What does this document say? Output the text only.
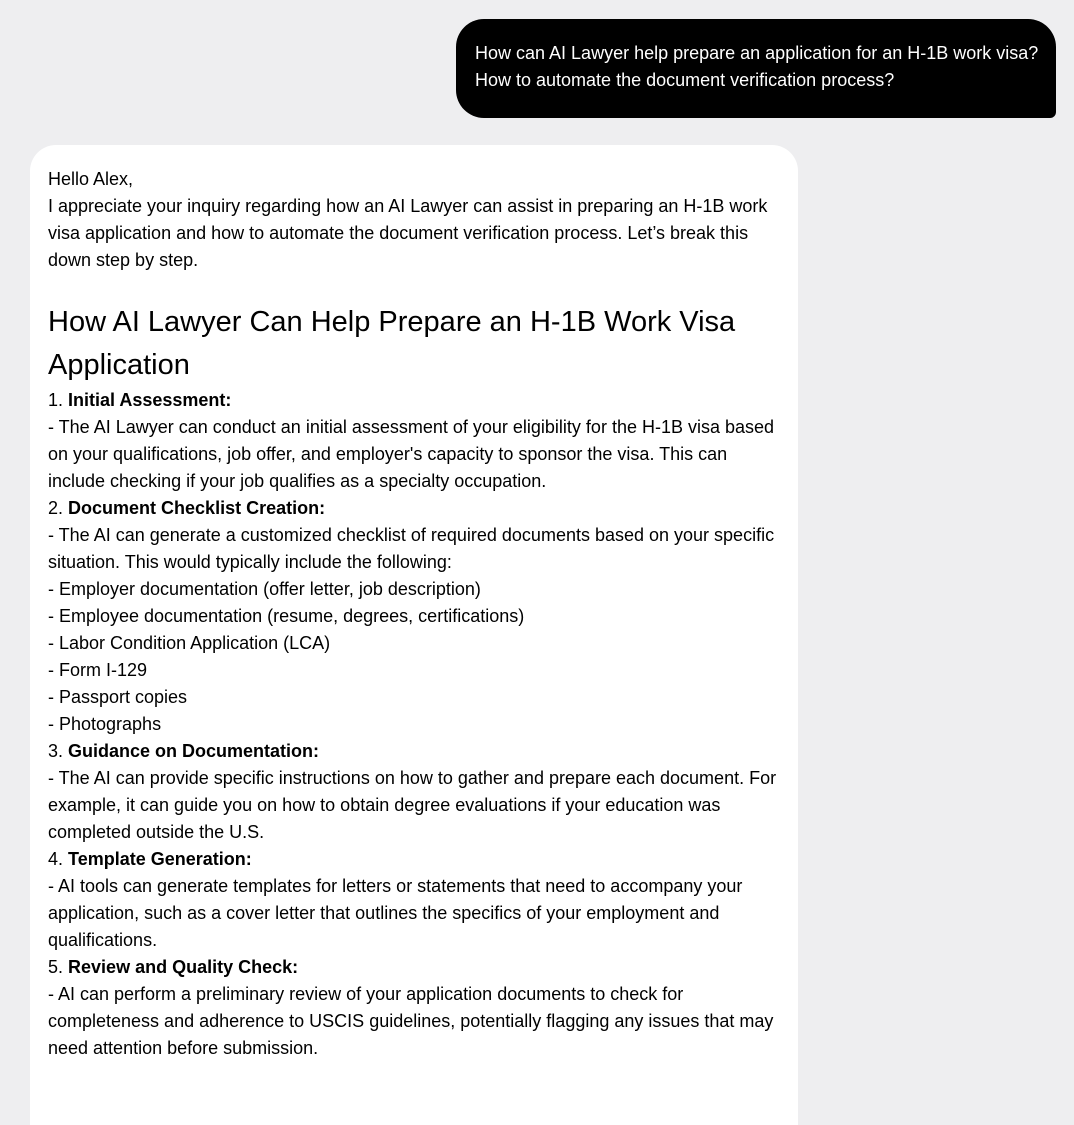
How can AI Lawyer help prepare an application for an H-1B work visa?
How to automate the document verification process?

Hello Alex,

I appreciate your inquiry regarding how an AI Lawyer can assist in preparing an H-1B work visa application and how to automate the document verification process. Let’s break this down step by step.

How AI Lawyer Can Help Prepare an H-1B Work Visa Application

1. Initial Assessment:

- The AI Lawyer can conduct an initial assessment of your eligibility for the H-1B visa based on your qualifications, job offer, and employer's capacity to sponsor the visa. This can include checking if your job qualifies as a specialty occupation.

2. Document Checklist Creation:

- The AI can generate a customized checklist of required documents based on your specific situation. This would typically include the following:

- Employer documentation (offer letter, job description)

- Employee documentation (resume, degrees, certifications)

- Labor Condition Application (LCA)

- Form I-129

- Passport copies

- Photographs

3. Guidance on Documentation:

- The AI can provide specific instructions on how to gather and prepare each document. For example, it can guide you on how to obtain degree evaluations if your education was completed outside the U.S.

4. Template Generation:

- AI tools can generate templates for letters or statements that need to accompany your application, such as a cover letter that outlines the specifics of your employment and qualifications.

5. Review and Quality Check:

- AI can perform a preliminary review of your application documents to check for completeness and adherence to USCIS guidelines, potentially flagging any issues that may need attention before submission.
